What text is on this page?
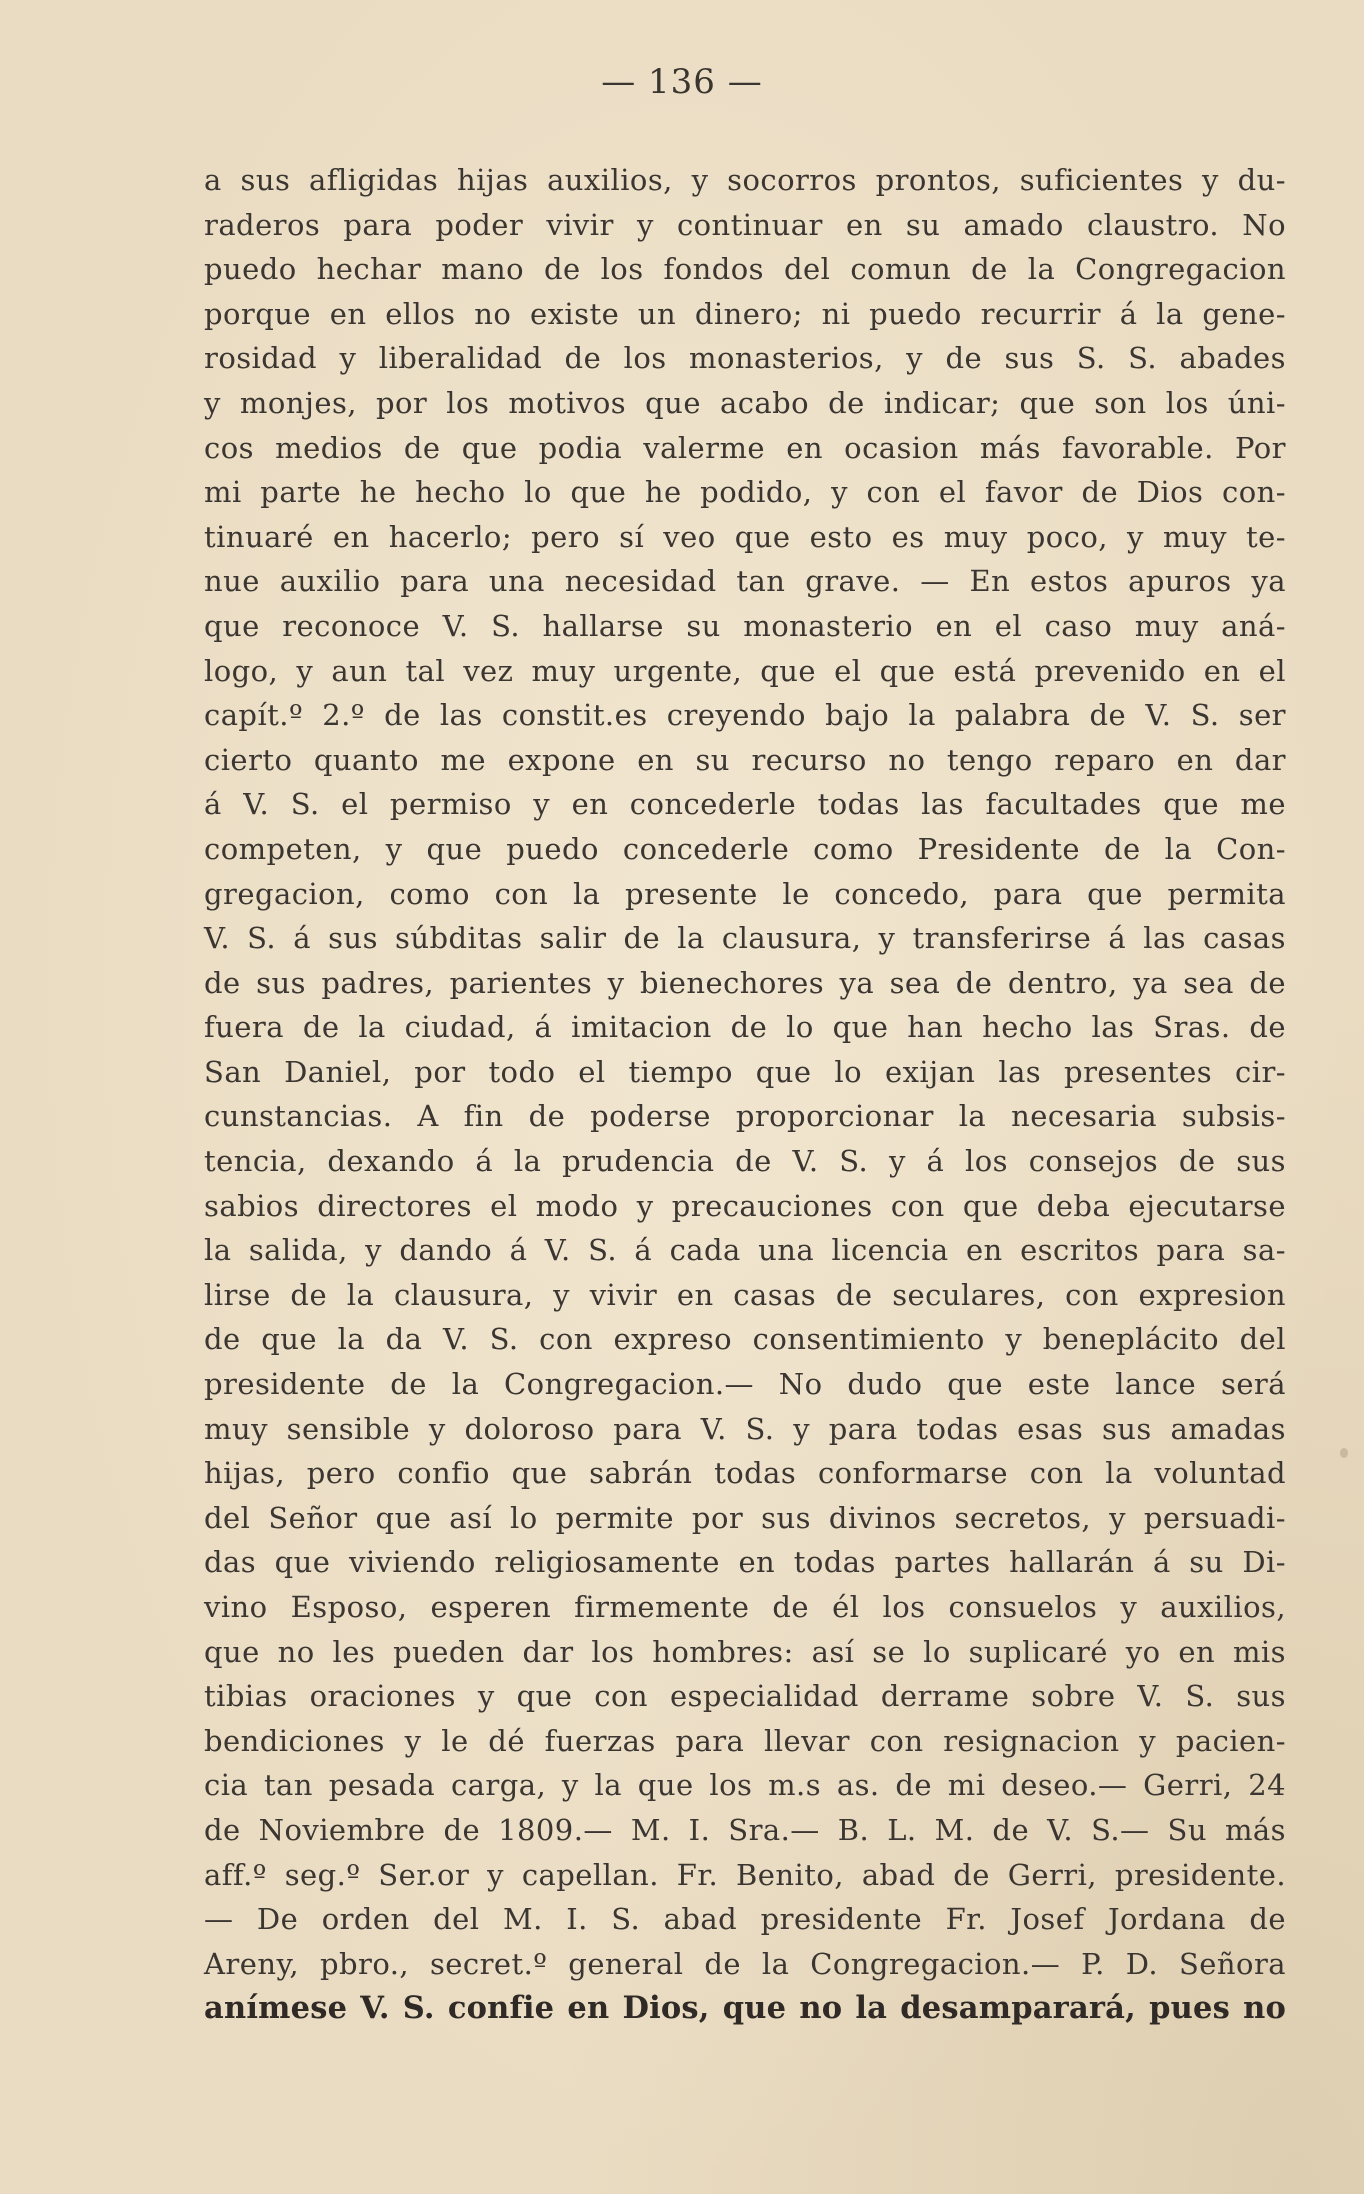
— 136 —
a sus afligidas hijas auxilios, y socorros prontos, suficientes y du-
raderos para poder vivir y continuar en su amado claustro. No
puedo hechar mano de los fondos del comun de la Congregacion
porque en ellos no existe un dinero; ni puedo recurrir á la gene-
rosidad y liberalidad de los monasterios, y de sus S. S. abades
y monjes, por los motivos que acabo de indicar; que son los úni-
cos medios de que podia valerme en ocasion más favorable. Por
mi parte he hecho lo que he podido, y con el favor de Dios con-
tinuaré en hacerlo; pero sí veo que esto es muy poco, y muy te-
nue auxilio para una necesidad tan grave. — En estos apuros ya
que reconoce V. S. hallarse su monasterio en el caso muy aná-
logo, y aun tal vez muy urgente, que el que está prevenido en el
capít.º 2.º de las constit.es creyendo bajo la palabra de V. S. ser
cierto quanto me expone en su recurso no tengo reparo en dar
á V. S. el permiso y en concederle todas las facultades que me
competen, y que puedo concederle como Presidente de la Con-
gregacion, como con la presente le concedo, para que permita
V. S. á sus súbditas salir de la clausura, y transferirse á las casas
de sus padres, parientes y bienechores ya sea de dentro, ya sea de
fuera de la ciudad, á imitacion de lo que han hecho las Sras. de
San Daniel, por todo el tiempo que lo exijan las presentes cir-
cunstancias. A fin de poderse proporcionar la necesaria subsis-
tencia, dexando á la prudencia de V. S. y á los consejos de sus
sabios directores el modo y precauciones con que deba ejecutarse
la salida, y dando á V. S. á cada una licencia en escritos para sa-
lirse de la clausura, y vivir en casas de seculares, con expresion
de que la da V. S. con expreso consentimiento y beneplácito del
presidente de la Congregacion.— No dudo que este lance será
muy sensible y doloroso para V. S. y para todas esas sus amadas
hijas, pero confio que sabrán todas conformarse con la voluntad
del Señor que así lo permite por sus divinos secretos, y persuadi-
das que viviendo religiosamente en todas partes hallarán á su Di-
vino Esposo, esperen firmemente de él los consuelos y auxilios,
que no les pueden dar los hombres: así se lo suplicaré yo en mis
tibias oraciones y que con especialidad derrame sobre V. S. sus
bendiciones y le dé fuerzas para llevar con resignacion y pacien-
cia tan pesada carga, y la que los m.s as. de mi deseo.— Gerri, 24
de Noviembre de 1809.— M. I. Sra.— B. L. M. de V. S.— Su más
aff.º seg.º Ser.or y capellan. Fr. Benito, abad de Gerri, presidente.
— De orden del M. I. S. abad presidente Fr. Josef Jordana de
Areny, pbro., secret.º general de la Congregacion.— P. D. Señora
anímese V. S. confie en Dios, que no la desamparará, pues no
